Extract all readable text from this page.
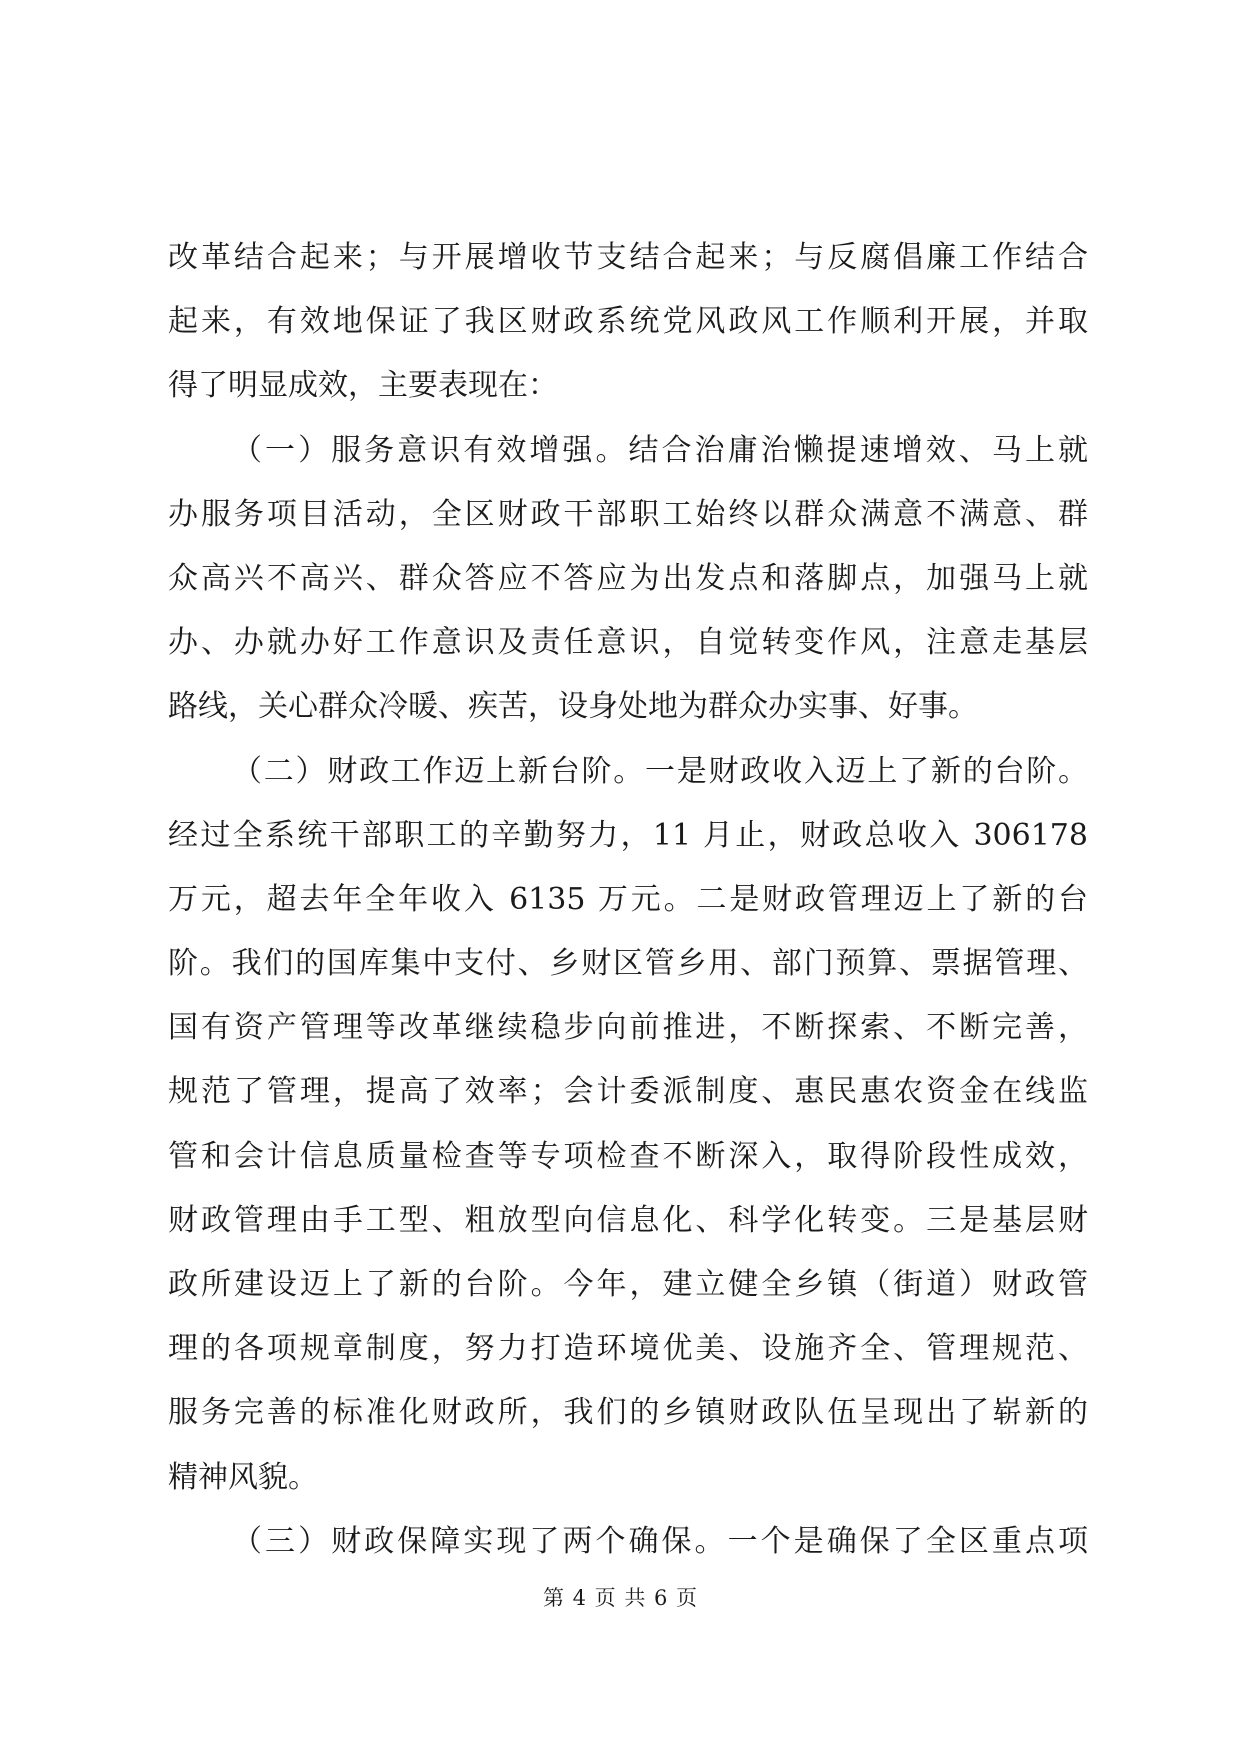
改革结合起来；与开展增收节支结合起来；与反腐倡廉工作结合
起来，有效地保证了我区财政系统党风政风工作顺利开展，并取
得了明显成效，主要表现在：
（一）服务意识有效增强。结合治庸治懒提速增效、马上就
办服务项目活动，全区财政干部职工始终以群众满意不满意、群
众高兴不高兴、群众答应不答应为出发点和落脚点，加强马上就
办、办就办好工作意识及责任意识，自觉转变作风，注意走基层
路线，关心群众冷暖、疾苦，设身处地为群众办实事、好事。
（二）财政工作迈上新台阶。一是财政收入迈上了新的台阶。
经过全系统干部职工的辛勤努力，11 月止，财政总收入 306178
万元，超去年全年收入 6135 万元。二是财政管理迈上了新的台
阶。我们的国库集中支付、乡财区管乡用、部门预算、票据管理、
国有资产管理等改革继续稳步向前推进，不断探索、不断完善，
规范了管理，提高了效率；会计委派制度、惠民惠农资金在线监
管和会计信息质量检查等专项检查不断深入，取得阶段性成效，
财政管理由手工型、粗放型向信息化、科学化转变。三是基层财
政所建设迈上了新的台阶。今年，建立健全乡镇（街道）财政管
理的各项规章制度，努力打造环境优美、设施齐全、管理规范、
服务完善的标准化财政所，我们的乡镇财政队伍呈现出了崭新的
精神风貌。
（三）财政保障实现了两个确保。一个是确保了全区重点项
第 4 页 共 6 页
